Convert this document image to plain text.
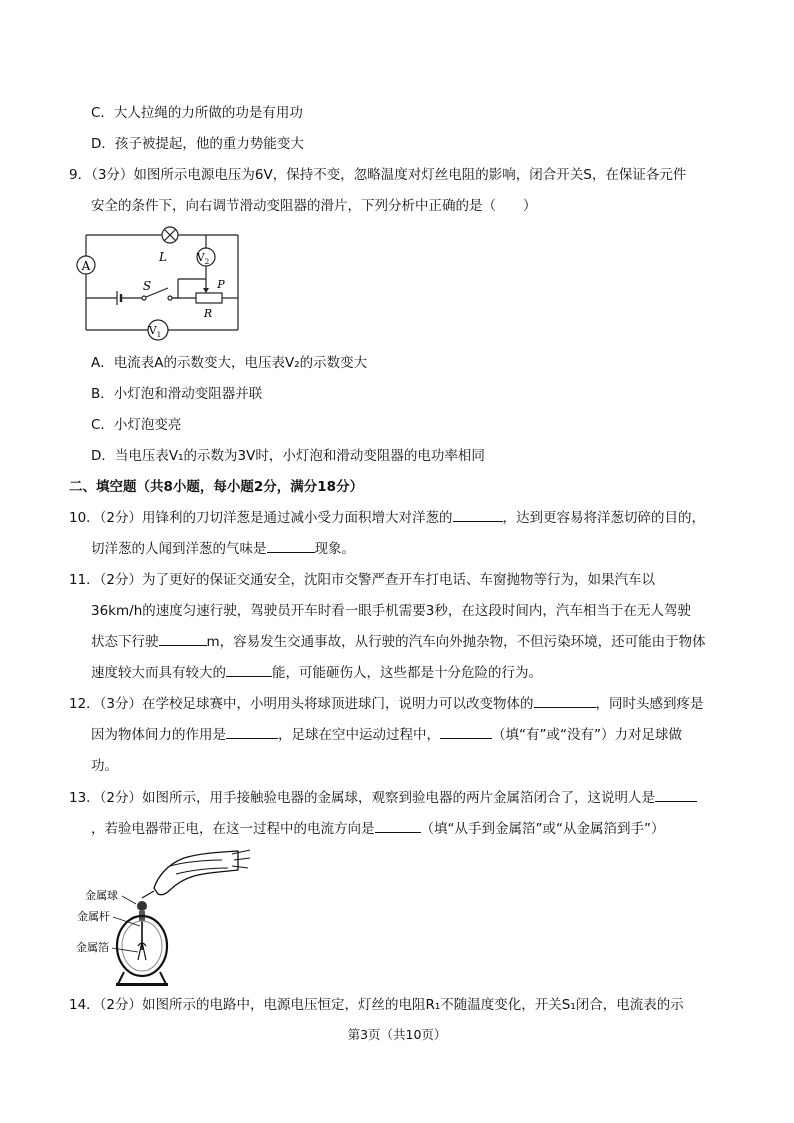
C．大人拉绳的力所做的功是有用功
D．孩子被提起，他的重力势能变大
9．（3分）如图所示电源电压为6V，保持不变，忽略温度对灯丝电阻的影响，闭合开关S，在保证各元件
安全的条件下，向右调节滑动变阻器的滑片，下列分析中正确的是（　　）
A
L	$V_2$
S	P
R
$V_1$
A．电流表A的示数变大，电压表V₂的示数变大
B．小灯泡和滑动变阻器并联
C．小灯泡变亮
D．当电压表V₁的示数为3V时，小灯泡和滑动变阻器的电功率相同
二、填空题（共8小题，每小题2分，满分18分）
10．（2分）用锋利的刀切洋葱是通过减小受力面积增大对洋葱的	，达到更容易将洋葱切碎的目的，
切洋葱的人闻到洋葱的气味是	现象。
11．（2分）为了更好的保证交通安全，沈阳市交警严查开车打电话、车窗抛物等行为，如果汽车以
36km/h的速度匀速行驶，驾驶员开车时看一眼手机需要3秒，在这段时间内，汽车相当于在无人驾驶
状态下行驶	m，容易发生交通事故，从行驶的汽车向外抛杂物，不但污染环境，还可能由于物体
速度较大而具有较大的	能，可能砸伤人，这些都是十分危险的行为。
12．（3分）在学校足球赛中，小明用头将球顶进球门，说明力可以改变物体的	，同时头感到疼是
因为物体间力的作用是	，足球在空中运动过程中，	（填“有”或“没有”）力对足球做
功。
13．（2分）如图所示，用手接触验电器的金属球，观察到验电器的两片金属箔闭合了，这说明人是
，若验电器带正电，在这一过程中的电流方向是	（填“从手到金属箔”或“从金属箔到手”）
金属球
金属杆
金属箔
14．（2分）如图所示的电路中，电源电压恒定，灯丝的电阻R₁不随温度变化，开关S₁闭合，电流表的示
第3页（共10页）
